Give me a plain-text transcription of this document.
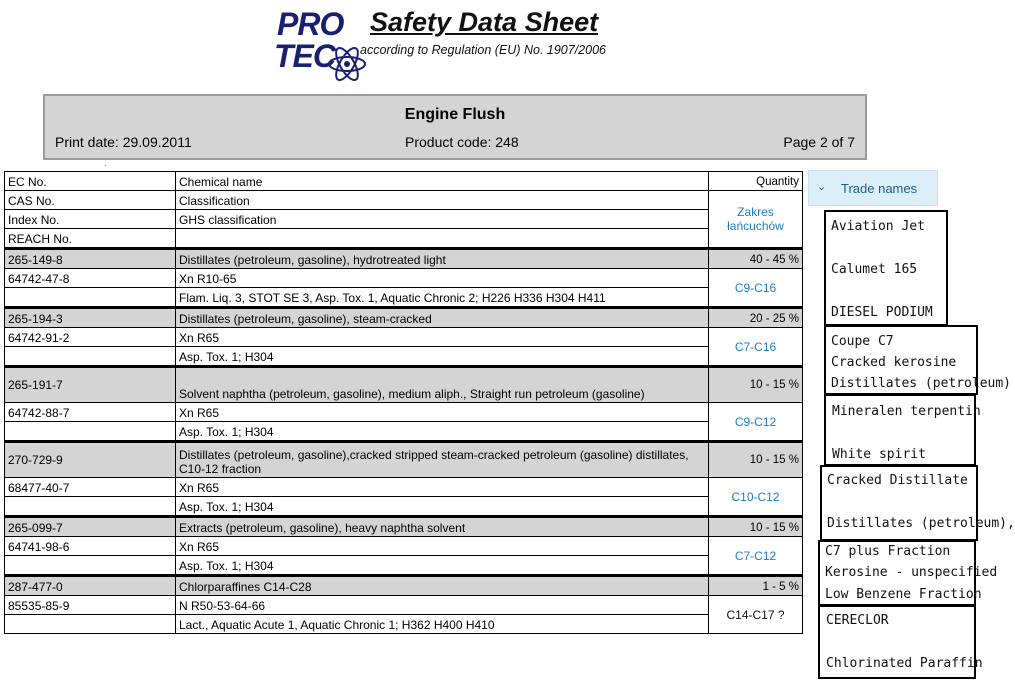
PRO
TEC
Safety Data Sheet
according to Regulation (EU) No. 1907/2006
Engine Flush
Print date: 29.09.2011	Product code: 248	Page 2 of 7
·
EC No.	Chemical name	Quantity
CAS No.	Classification	Zakres łańcuchów
Index No.	GHS classification	
REACH No.		
265-149-8	Distillates (petroleum, gasoline), hydrotreated light	40 - 45 %
64742-47-8	Xn R10-65	C9-C16
	Flam. Liq. 3, STOT SE 3, Asp. Tox. 1, Aquatic Chronic 2; H226 H336 H304 H411	
265-194-3	Distillates (petroleum, gasoline), steam-cracked	20 - 25 %
64742-91-2	Xn R65	C7-C16
	Asp. Tox. 1; H304	
265-191-7	Solvent naphtha (petroleum, gasoline), medium aliph., Straight run petroleum (gasoline)	10 - 15 %
64742-88-7	Xn R65	C9-C12
	Asp. Tox. 1; H304	
270-729-9	Distillates (petroleum, gasoline),cracked stripped steam-cracked petroleum (gasoline) distillates, C10-12 fraction	10 - 15 %
68477-40-7	Xn R65	C10-C12
	Asp. Tox. 1; H304	
265-099-7	Extracts (petroleum, gasoline), heavy naphtha solvent	10 - 15 %
64741-98-6	Xn R65	C7-C12
	Asp. Tox. 1; H304	
287-477-0	Chlorparaffines C14-C28	1 - 5 %
85535-85-9	N R50-53-64-66	C14-C17 ?
	Lact., Aquatic Acute 1, Aquatic Chronic 1; H362 H400 H410	
⌄ Trade names
Aviation Jet
Calumet 165
DIESEL PODIUM
Coupe C7
Cracked kerosine
Distillates (petroleum)
Mineralen terpentin
White spirit
Cracked Distillate
Distillates (petroleum),
C7 plus Fraction
Kerosine - unspecified
Low Benzene Fraction
CERECLOR
Chlorinated Paraffin
